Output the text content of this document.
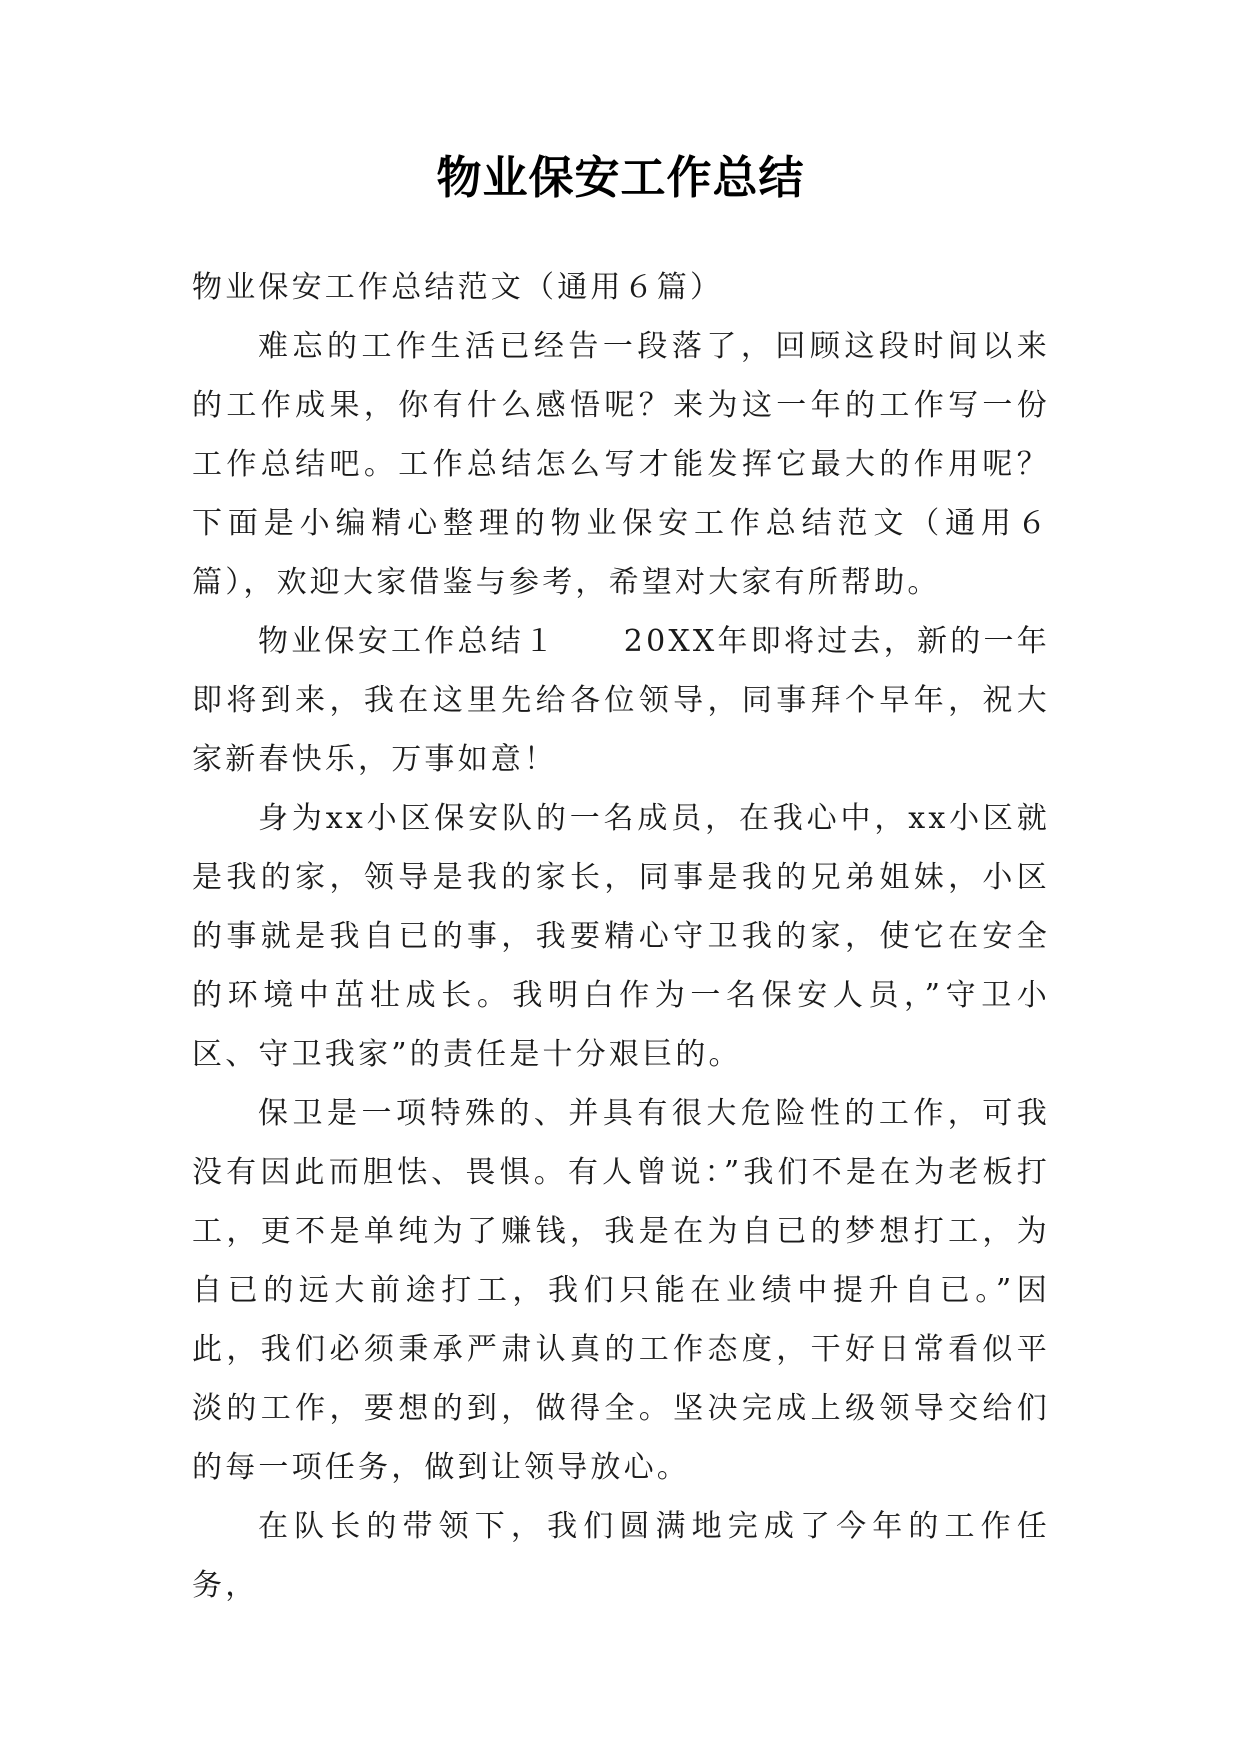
物业保安工作总结

物业保安工作总结范文（通用６篇）

难忘的工作生活已经告一段落了，回顾这段时间以来的工作成果，你有什么感悟呢？来为这一年的工作写一份工作总结吧。工作总结怎么写才能发挥它最大的作用呢？下面是小编精心整理的物业保安工作总结范文（通用６篇），欢迎大家借鉴与参考，希望对大家有所帮助。

物业保安工作总结１　　20XX年即将过去，新的一年即将到来，我在这里先给各位领导，同事拜个早年，祝大家新春快乐，万事如意！

身为xx小区保安队的一名成员，在我心中，xx小区就是我的家，领导是我的家长，同事是我的兄弟姐妹，小区的事就是我自已的事，我要精心守卫我的家，使它在安全的环境中茁壮成长。我明白作为一名保安人员，”守卫小区、守卫我家”的责任是十分艰巨的。

保卫是一项特殊的、并具有很大危险性的工作，可我没有因此而胆怯、畏惧。有人曾说：”我们不是在为老板打工，更不是单纯为了赚钱，我是在为自已的梦想打工，为自已的远大前途打工，我们只能在业绩中提升自已。”因此，我们必须秉承严肃认真的工作态度，干好日常看似平淡的工作，要想的到，做得全。坚决完成上级领导交给们的每一项任务，做到让领导放心。

在队长的带领下，我们圆满地完成了今年的工作任务，
